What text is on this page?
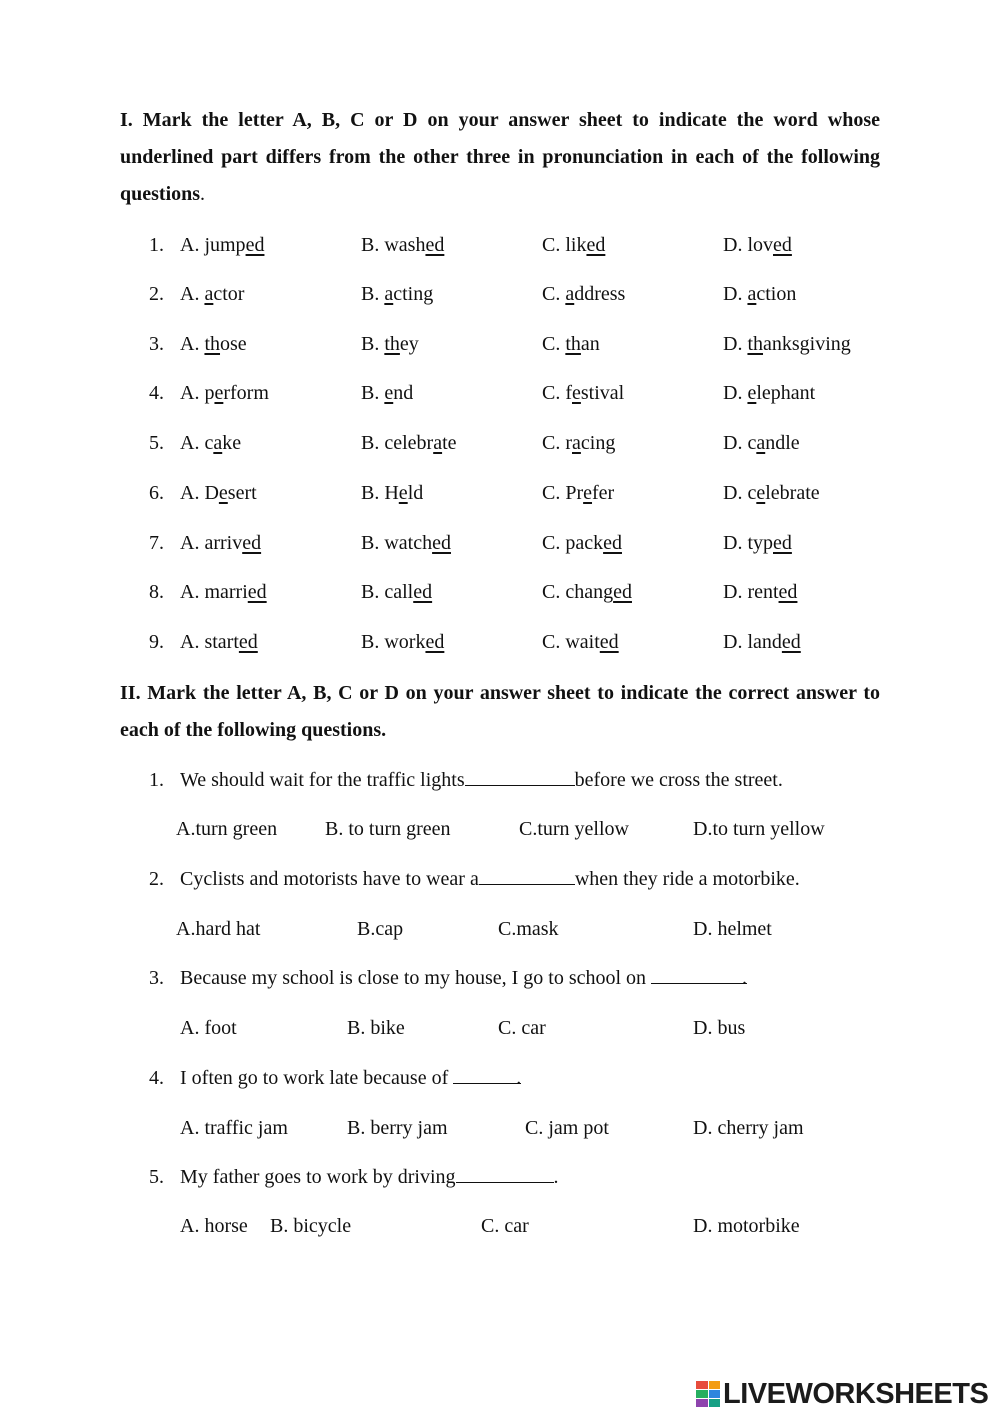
I. Mark the letter A, B, C or D on your answer sheet to indicate the word whose underlined part differs from the other three in pronunciation in each of the following questions.
1. A. jumped	B. washed	C. liked	D. loved
2. A. actor	B. acting	C. address	D. action
3. A. those	B. they	C. than	D. thanksgiving
4. A. perform	B. end	C. festival	D. elephant
5. A. cake	B. celebrate	C. racing	D. candle
6. A. Desert	B. Held	C. Prefer	D. celebrate
7. A. arrived	B. watched	C. packed	D. typed
8. A. married	B. called	C. changed	D. rented
9. A. started	B. worked	C. waited	D. landed
II. Mark the letter A, B, C or D on your answer sheet to indicate the correct answer to each of the following questions.
1. We should wait for the traffic lights	before we cross the street.
A.turn green B. to turn green	C.turn yellow	D.to turn yellow
2. Cyclists and motorists have to wear a	when they ride a motorbike.
A.hard hat	B.cap	C.mask	D. helmet
3. Because my school is close to my house, I go to school on	.
A. foot	B. bike	C. car	D. bus
4. I often go to work late because of	.
A. traffic jam	B. berry jam	C. jam pot	D. cherry jam
5. My father goes to work by driving	.
A. horse B. bicycle	C. car	D. motorbike
LIVEWORKSHEETS
